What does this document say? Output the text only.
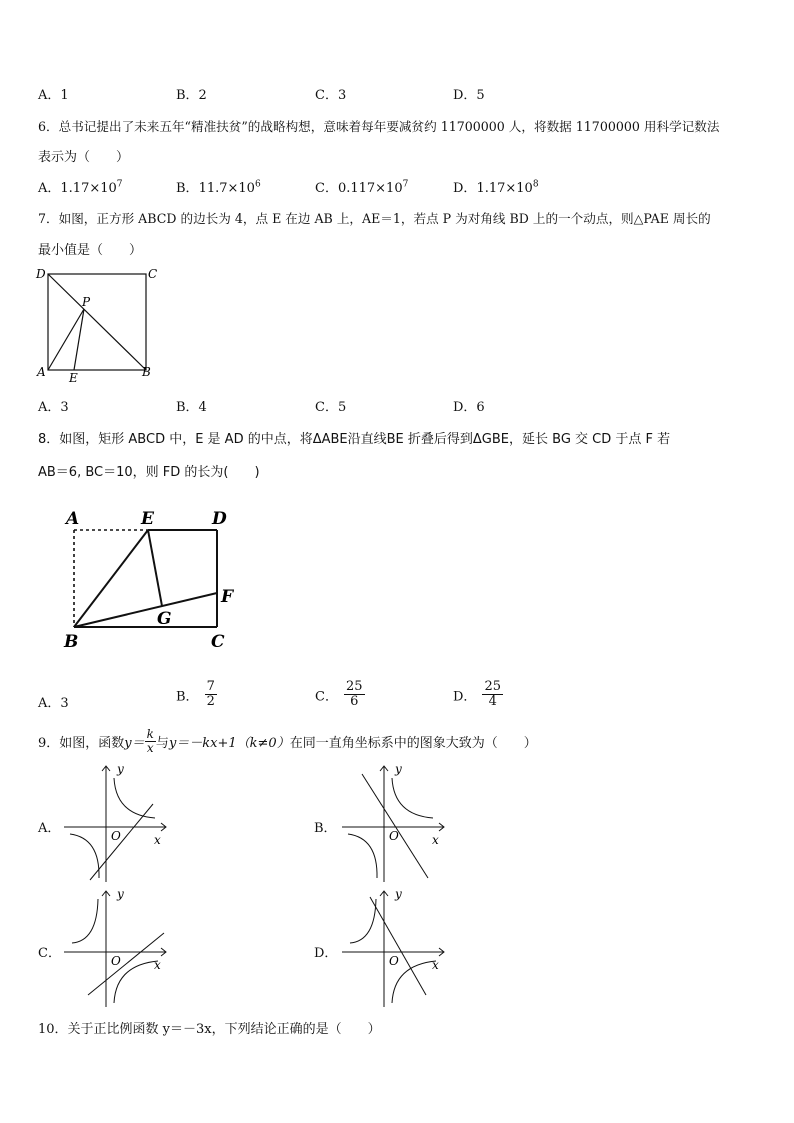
A．1	B．2	C．3	D．5
6．总书记提出了未来五年“精准扶贫”的战略构想，意味着每年要减贫约 11700000 人，将数据 11700000 用科学记数法
表示为（　　）
A．$1.17\times 10^7$	B．$11.7\times 10^6$	C．$0.117\times 10^7$	D．$1.17\times 10^8$
7．如图，正方形 ABCD 的边长为 4，点 E 在边 AB 上，AE＝1，若点 P 为对角线 BD 上的一个动点，则△PAE 周长的
最小值是（　　）
D	C
P
A E	B
A．3	B．4	C．5	D．6
8．如图，矩形 ABCD 中，E 是 AD 的中点，将ΔABE沿直线BE 折叠后得到ΔGBE，延长 BG 交 CD 于点 F 若
AB＝6, BC＝10，则 FD 的长为(　　)
A	E	D
F
G
B	C
A．3	B． $\frac{7}{2}$	C． $\frac{25}{6}$	D． $\frac{25}{4}$
9．如图，函数$y= \frac{k}{x}$ 与y＝－kx+1（k≠0）在同一直角坐标系中的图象大致为（　　）
A．
y
x
O	B．
y
x
O
C．
y
x
O	D．
y
x
O
10．关于正比例函数 y＝－3x，下列结论正确的是（　　）
